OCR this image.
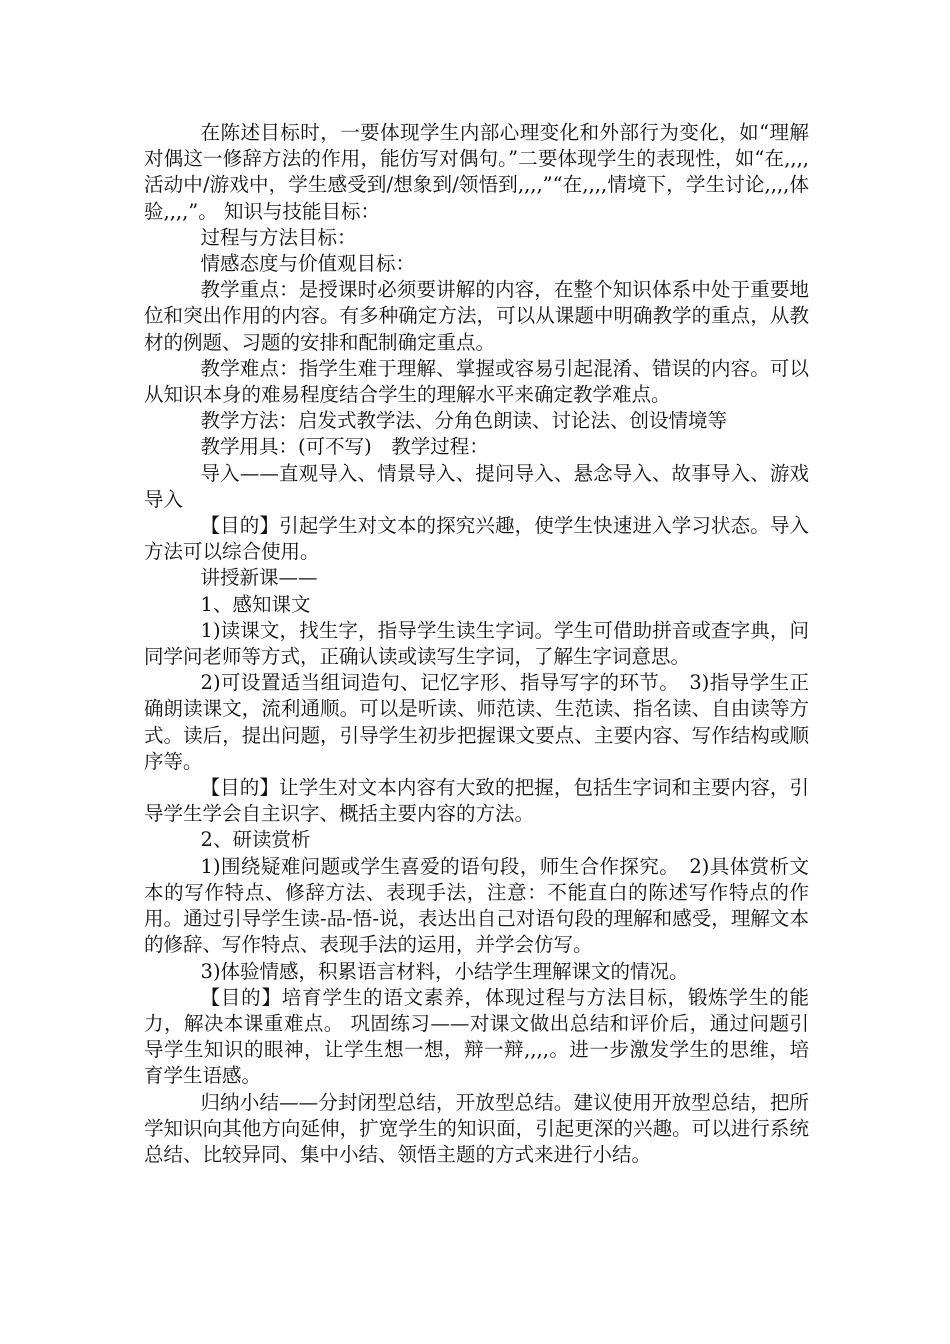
在陈述目标时，一要体现学生内部心理变化和外部行为变化，如“理解对偶这一修辞方法的作用，能仿写对偶句。”二要体现学生的表现性，如“在,,,,活动中/游戏中，学生感受到/想象到/领悟到,,,,”“在,,,,情境下，学生讨论,,,,体验,,,,”。 知识与技能目标：

过程与方法目标：

情感态度与价值观目标：

教学重点：是授课时必须要讲解的内容，在整个知识体系中处于重要地位和突出作用的内容。有多种确定方法，可以从课题中明确教学的重点，从教材的例题、习题的安排和配制确定重点。

教学难点：指学生难于理解、掌握或容易引起混淆、错误的内容。可以从知识本身的难易程度结合学生的理解水平来确定教学难点。

教学方法：启发式教学法、分角色朗读、讨论法、创设情境等

教学用具：(可不写)　教学过程：

导入——直观导入、情景导入、提问导入、悬念导入、故事导入、游戏导入

【目的】引起学生对文本的探究兴趣，使学生快速进入学习状态。导入方法可以综合使用。

讲授新课——

1、感知课文

1)读课文，找生字，指导学生读生字词。学生可借助拼音或查字典，问同学问老师等方式，正确认读或读写生字词，了解生字词意思。

2)可设置适当组词造句、记忆字形、指导写字的环节。　3)指导学生正确朗读课文，流利通顺。可以是听读、师范读、生范读、指名读、自由读等方式。读后，提出问题，引导学生初步把握课文要点、主要内容、写作结构或顺序等。

【目的】让学生对文本内容有大致的把握，包括生字词和主要内容，引导学生学会自主识字、概括主要内容的方法。

2、研读赏析

1)围绕疑难问题或学生喜爱的语句段，师生合作探究。　2)具体赏析文本的写作特点、修辞方法、表现手法，注意：不能直白的陈述写作特点的作用。通过引导学生读-品-悟-说，表达出自己对语句段的理解和感受，理解文本的修辞、写作特点、表现手法的运用，并学会仿写。

3)体验情感，积累语言材料，小结学生理解课文的情况。

【目的】培育学生的语文素养，体现过程与方法目标，锻炼学生的能力，解决本课重难点。 巩固练习——对课文做出总结和评价后，通过问题引导学生知识的眼神，让学生想一想，辩一辩,,,,。进一步激发学生的思维，培育学生语感。

归纳小结——分封闭型总结，开放型总结。建议使用开放型总结，把所学知识向其他方向延伸，扩宽学生的知识面，引起更深的兴趣。可以进行系统总结、比较异同、集中小结、领悟主题的方式来进行小结。
